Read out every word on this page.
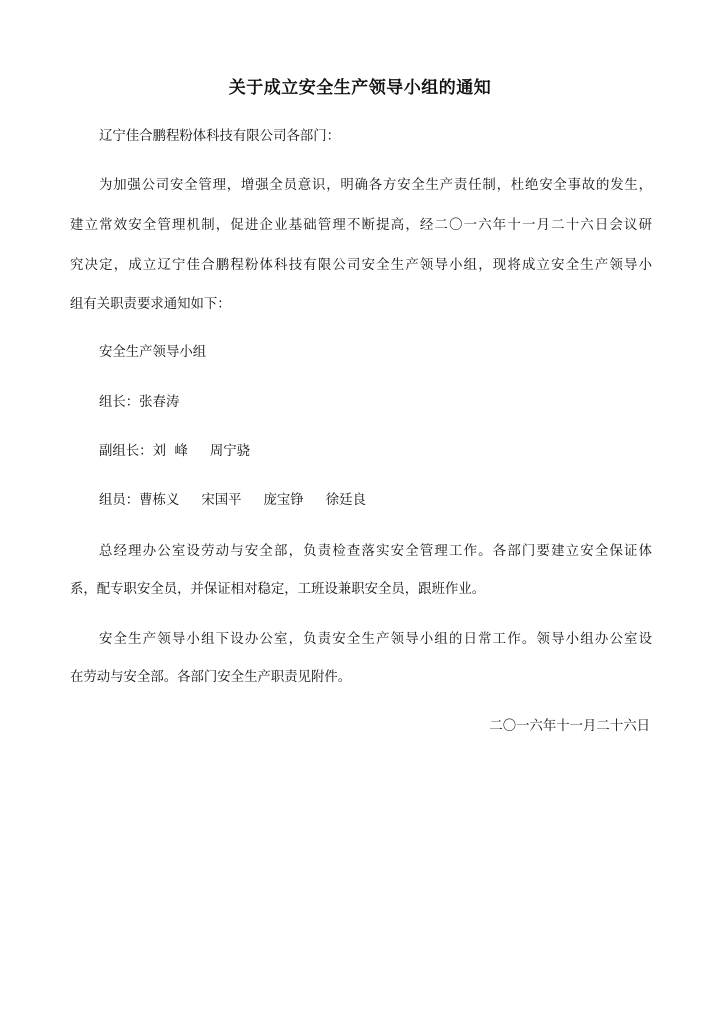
关于成立安全生产领导小组的通知
辽宁佳合鹏程粉体科技有限公司各部门：
为加强公司安全管理，增强全员意识，明确各方安全生产责任制，杜绝安全事故的发生，
建立常效安全管理机制，促进企业基础管理不断提高，经二〇一六年十一月二十六日会议研
究决定，成立辽宁佳合鹏程粉体科技有限公司安全生产领导小组，现将成立安全生产领导小
组有关职责要求通知如下：
安全生产领导小组
组长：张春涛
副组长：刘  峰 周宁骁
组员：曹栋义 宋国平 庞宝铮 徐廷良
总经理办公室设劳动与安全部，负责检查落实安全管理工作。各部门要建立安全保证体
系，配专职安全员，并保证相对稳定，工班设兼职安全员，跟班作业。
安全生产领导小组下设办公室，负责安全生产领导小组的日常工作。领导小组办公室设
在劳动与安全部。各部门安全生产职责见附件。
二〇一六年十一月二十六日
